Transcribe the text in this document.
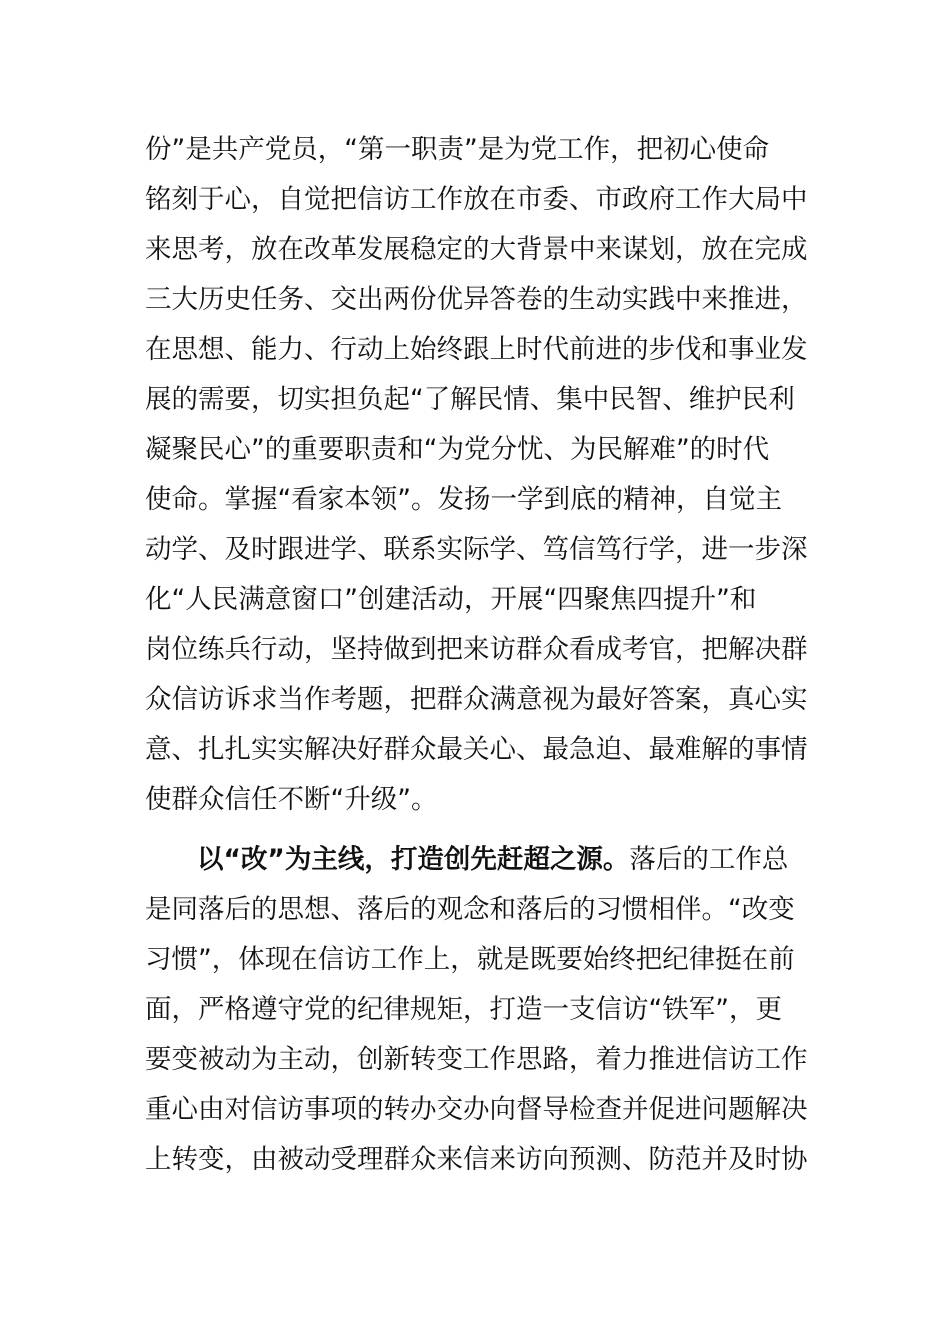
份”是共产党员，“第一职责”是为党工作，把初心使命
铭刻于心，自觉把信访工作放在市委、市政府工作大局中
来思考，放在改革发展稳定的大背景中来谋划，放在完成
三大历史任务、交出两份优异答卷的生动实践中来推进，
在思想、能力、行动上始终跟上时代前进的步伐和事业发
展的需要，切实担负起“了解民情、集中民智、维护民利
凝聚民心”的重要职责和“为党分忧、为民解难”的时代
使命。掌握“看家本领”。发扬一学到底的精神，自觉主
动学、及时跟进学、联系实际学、笃信笃行学，进一步深
化“人民满意窗口”创建活动，开展“四聚焦四提升”和
岗位练兵行动，坚持做到把来访群众看成考官，把解决群
众信访诉求当作考题，把群众满意视为最好答案，真心实
意、扎扎实实解决好群众最关心、最急迫、最难解的事情
使群众信任不断“升级”。
以“改”为主线，打造创先赶超之源。落后的工作总
是同落后的思想、落后的观念和落后的习惯相伴。“改变
习惯”，体现在信访工作上，就是既要始终把纪律挺在前
面，严格遵守党的纪律规矩，打造一支信访“铁军”，更
要变被动为主动，创新转变工作思路，着力推进信访工作
重心由对信访事项的转办交办向督导检查并促进问题解决
上转变，由被动受理群众来信来访向预测、防范并及时协
